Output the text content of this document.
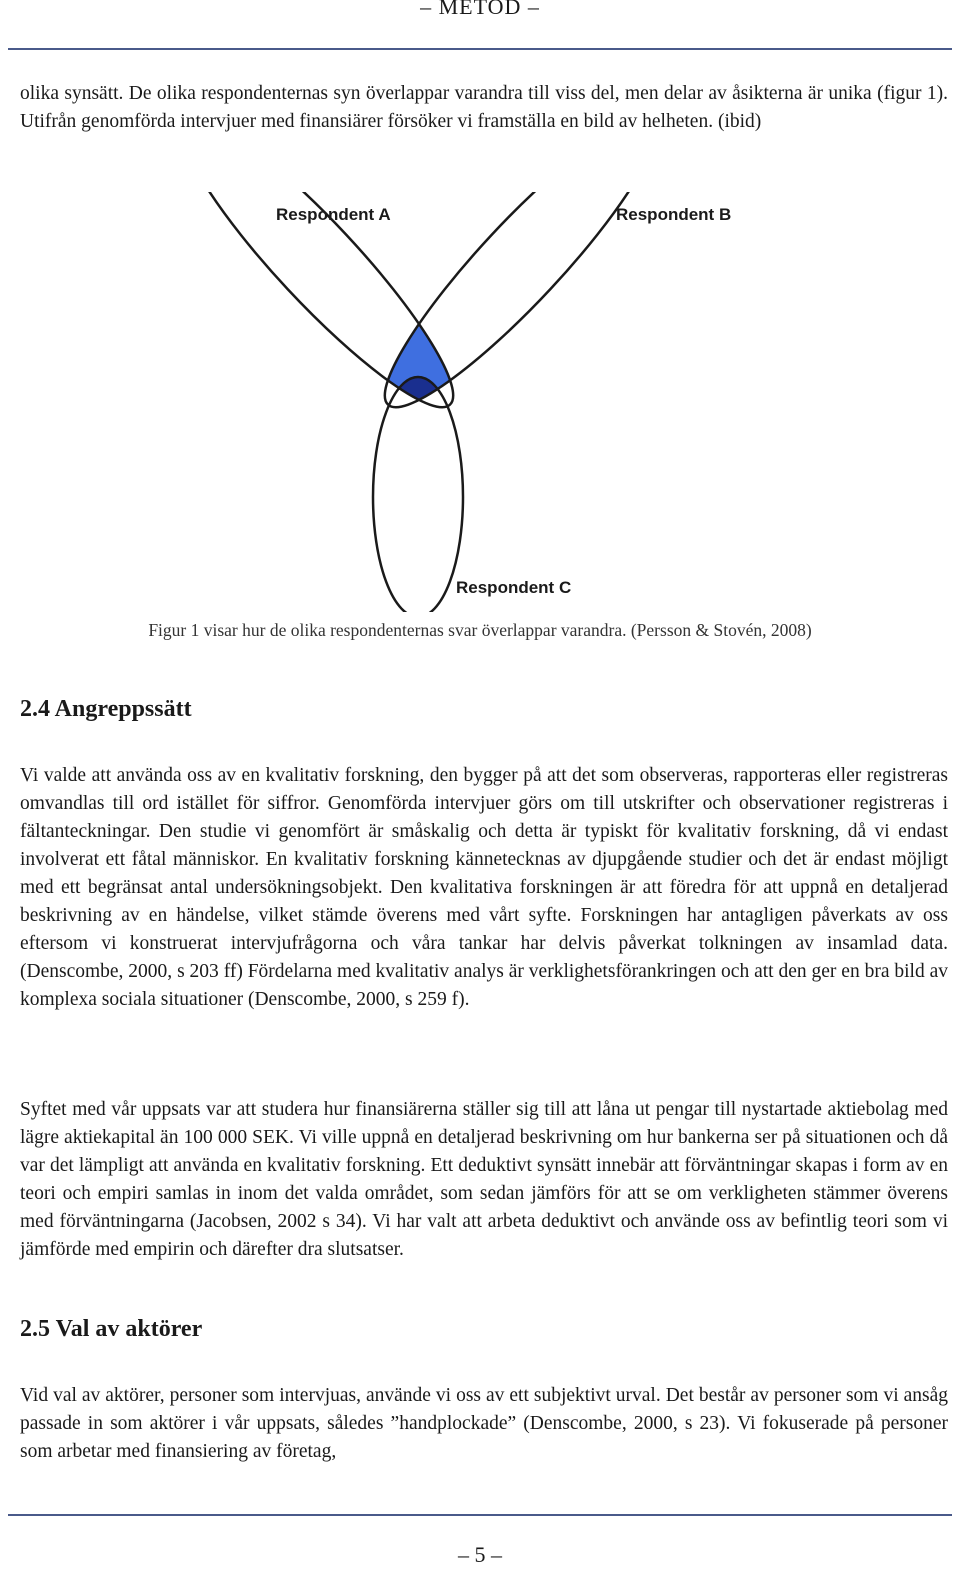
– METOD –

olika synsätt. De olika respondenternas syn överlappar varandra till viss del, men delar av åsikterna är unika (figur 1). Utifrån genomförda intervjuer med finansiärer försöker vi framställa en bild av helheten. (ibid)

Respondent A	Respondent B
Respondent C
Figur 1 visar hur de olika respondenternas svar överlappar varandra. (Persson & Stovén, 2008)
2.4 Angreppssätt

Vi valde att använda oss av en kvalitativ forskning, den bygger på att det som observeras, rapporteras eller registreras omvandlas till ord istället för siffror. Genomförda intervjuer görs om till utskrifter och observationer registreras i fältanteckningar. Den studie vi genomfört är småskalig och detta är typiskt för kvalitativ forskning, då vi endast involverat ett fåtal människor. En kvalitativ forskning kännetecknas av djupgående studier och det är endast möjligt med ett begränsat antal undersökningsobjekt. Den kvalitativa forskningen är att föredra för att uppnå en detaljerad beskrivning av en händelse, vilket stämde överens med vårt syfte. Forskningen har antagligen påverkats av oss eftersom vi konstruerat intervjufrågorna och våra tankar har delvis påverkat tolkningen av insamlad data. (Denscombe, 2000, s 203 ff) Fördelarna med kvalitativ analys är verklighetsförankringen och att den ger en bra bild av komplexa sociala situationer (Denscombe, 2000, s 259 f).

Syftet med vår uppsats var att studera hur finansiärerna ställer sig till att låna ut pengar till nystartade aktiebolag med lägre aktiekapital än 100 000 SEK. Vi ville uppnå en detaljerad beskrivning om hur bankerna ser på situationen och då var det lämpligt att använda en kvalitativ forskning. Ett deduktivt synsätt innebär att förväntningar skapas i form av en teori och empiri samlas in inom det valda området, som sedan jämförs för att se om verkligheten stämmer överens med förväntningarna (Jacobsen, 2002 s 34). Vi har valt att arbeta deduktivt och använde oss av befintlig teori som vi jämförde med empirin och därefter dra slutsatser.

2.5 Val av aktörer

Vid val av aktörer, personer som intervjuas, använde vi oss av ett subjektivt urval. Det består av personer som vi ansåg passade in som aktörer i vår uppsats, således ”handplockade” (Denscombe, 2000, s 23). Vi fokuserade på personer som arbetar med finansiering av företag,

– 5 –
